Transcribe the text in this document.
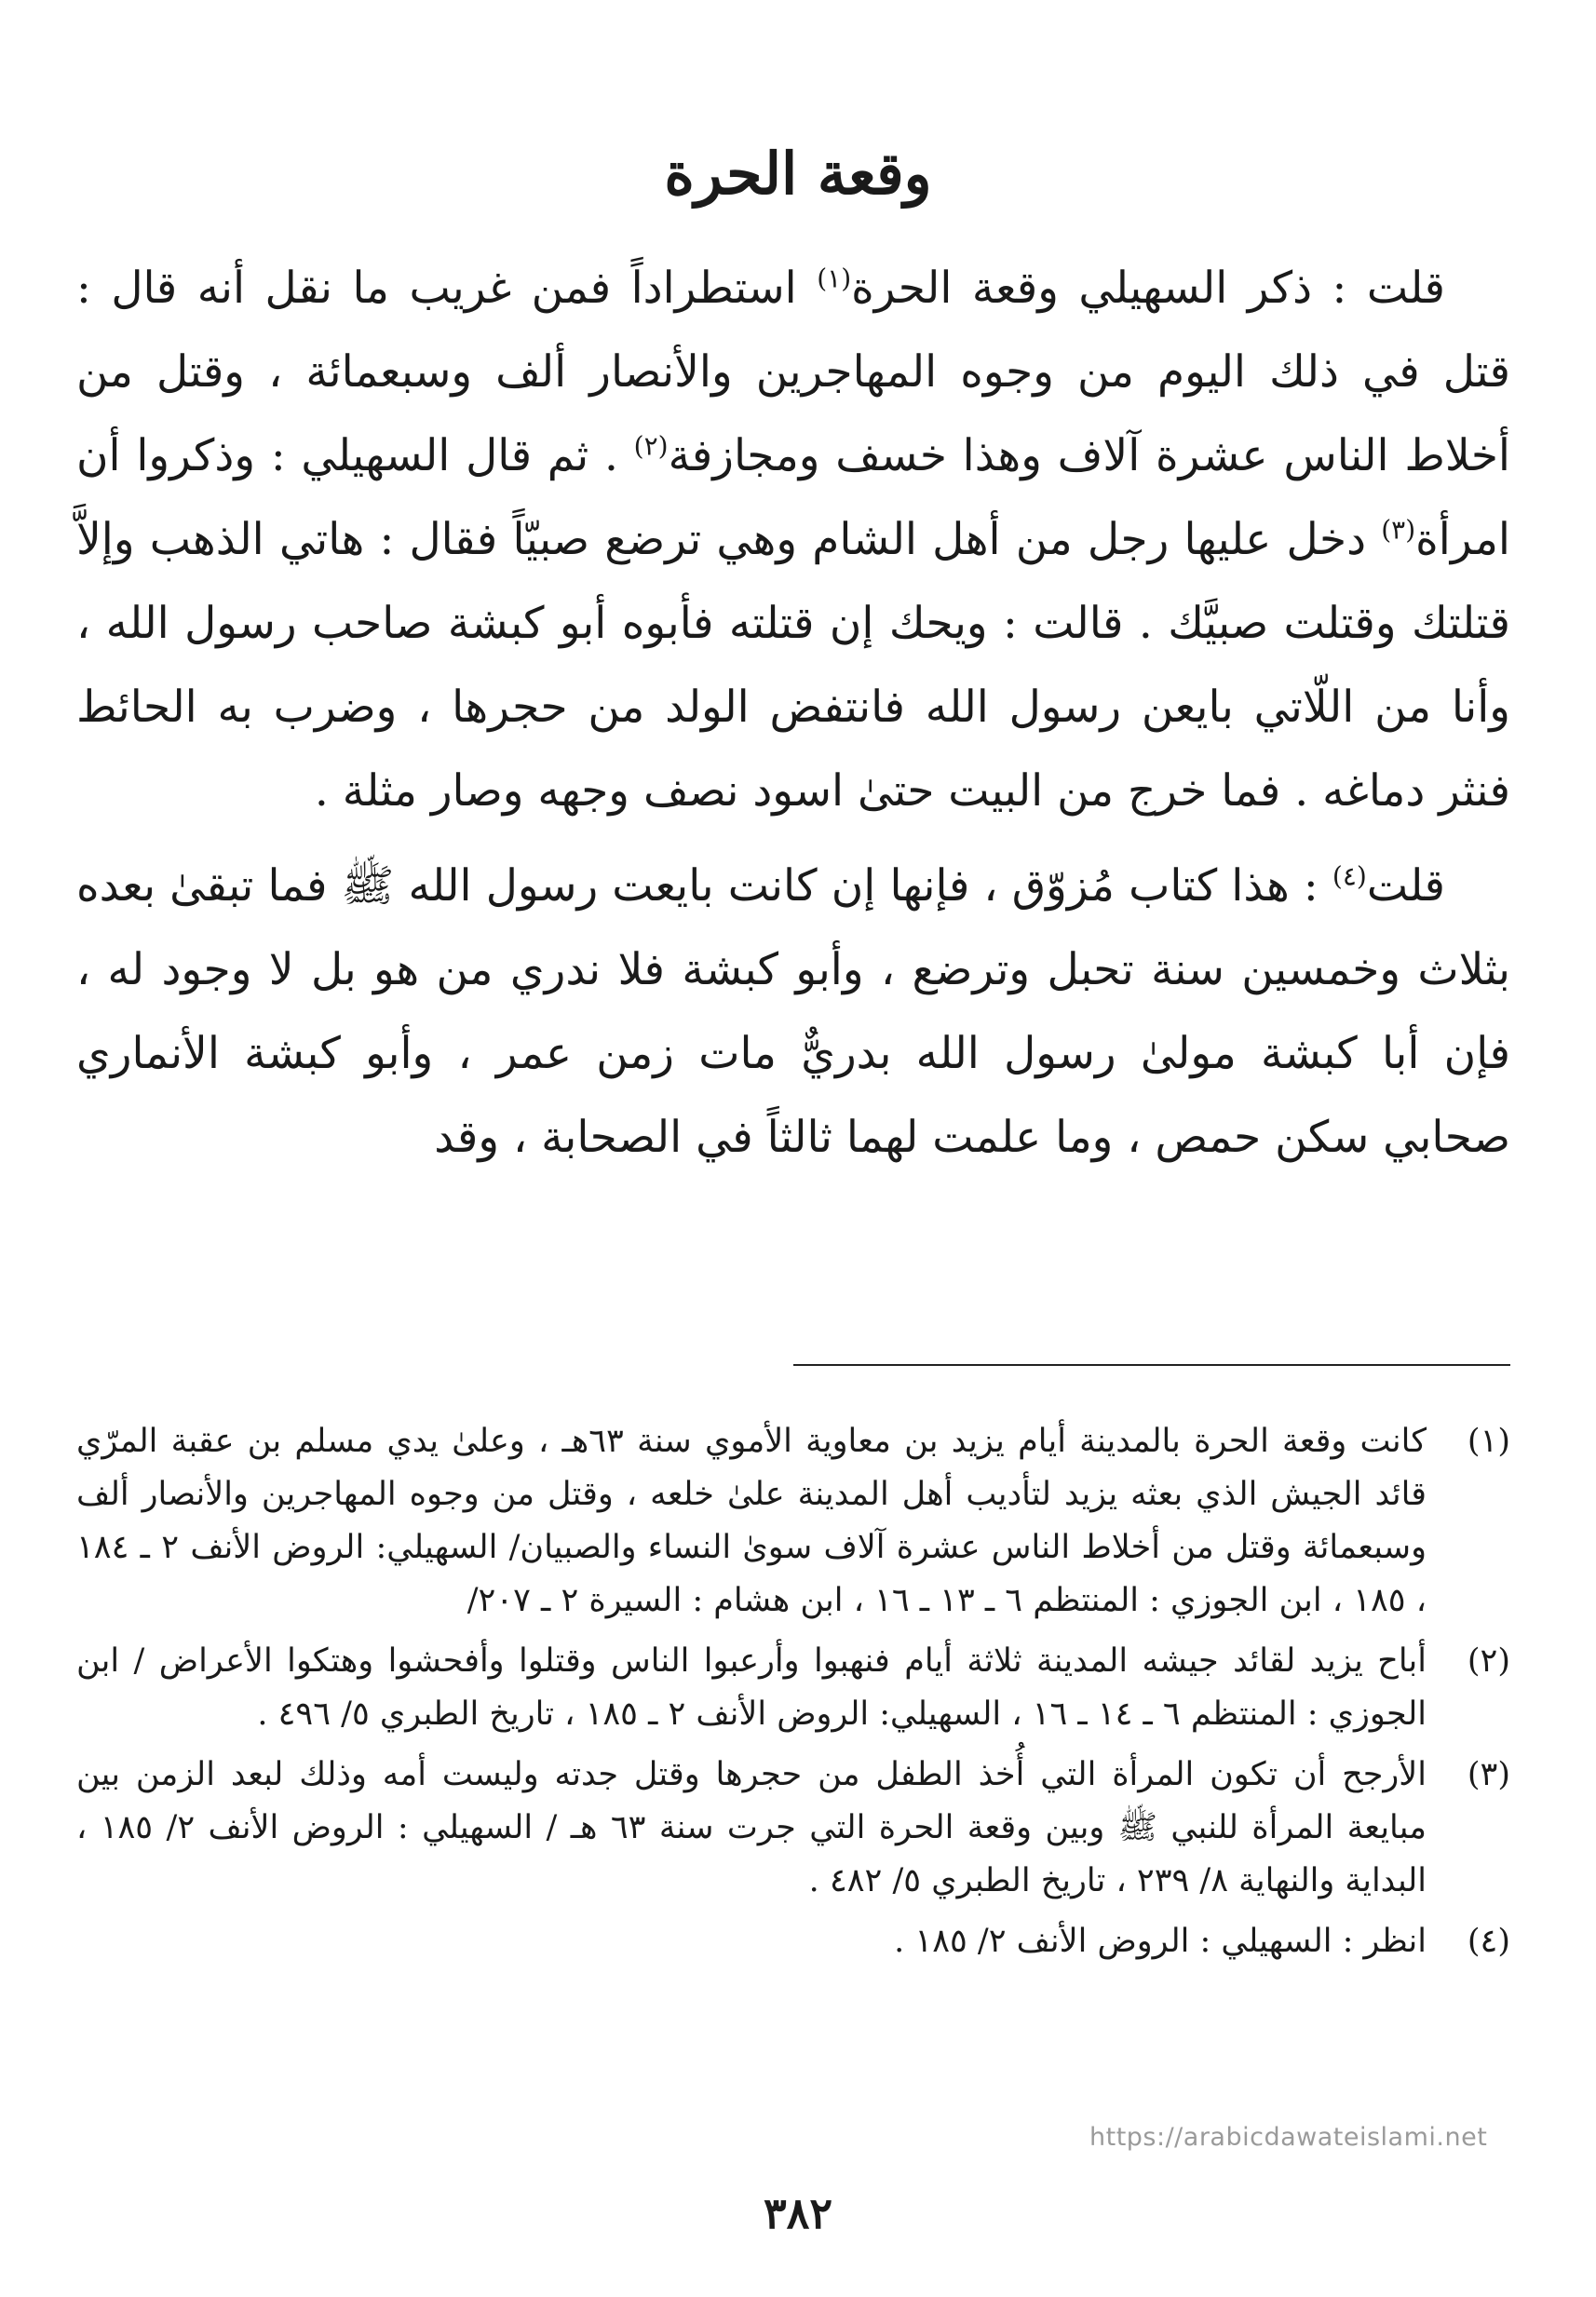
وقعة الحرة

قلت : ذكر السهيلي وقعة الحرة$^{(١)}$ استطراداً فمن غريب ما نقل أنه قال : قتل في ذلك اليوم من وجوه المهاجرين والأنصار ألف وسبعمائة ، وقتل من أخلاط الناس عشرة آلاف وهذا خسف ومجازفة$^{(٢)}$ . ثم قال السهيلي : وذكروا أن امرأة$^{(٣)}$ دخل عليها رجل من أهل الشام وهي ترضع صبيّاً فقال : هاتي الذهب وإلاَّ قتلتك وقتلت صبيَّك . قالت : ويحك إن قتلته فأبوه أبو كبشة صاحب رسول الله ، وأنا من اللّاتي بايعن رسول الله فانتفض الولد من حجرها ، وضرب به الحائط فنثر دماغه . فما خرج من البيت حتىٰ اسود نصف وجهه وصار مثلة .

قلت$^{(٤)}$ : هذا كتاب مُزوّق ، فإنها إن كانت بايعت رسول الله ﷺ فما تبقىٰ بعده بثلاث وخمسين سنة تحبل وترضع ، وأبو كبشة فلا ندري من هو بل لا وجود له ، فإن أبا كبشة مولىٰ رسول الله بدريٌّ مات زمن عمر ، وأبو كبشة الأنماري صحابي سكن حمص ، وما علمت لهما ثالثاً في الصحابة ، وقد

(١)
كانت وقعة الحرة بالمدينة أيام يزيد بن معاوية الأموي سنة ٦٣هـ ، وعلىٰ يدي مسلم بن عقبة المرّي قائد الجيش الذي بعثه يزيد لتأديب أهل المدينة علىٰ خلعه ، وقتل من وجوه المهاجرين والأنصار ألف وسبعمائة وقتل من أخلاط الناس عشرة آلاف سوىٰ النساء والصبيان/ السهيلي: الروض الأنف ٢ ـ ١٨٤ ، ١٨٥ ، ابن الجوزي : المنتظم ٦ ـ ١٣ ـ ١٦ ، ابن هشام : السيرة ٢ ـ ٢٠٧/
(٢)
أباح يزيد لقائد جيشه المدينة ثلاثة أيام فنهبوا وأرعبوا الناس وقتلوا وأفحشوا وهتكوا الأعراض / ابن الجوزي : المنتظم ٦ ـ ١٤ ـ ١٦ ، السهيلي: الروض الأنف ٢ ـ ١٨٥ ، تاريخ الطبري ٥/ ٤٩٦ .
(٣)
الأرجح أن تكون المرأة التي أُخذ الطفل من حجرها وقتل جدته وليست أمه وذلك لبعد الزمن بين مبايعة المرأة للنبي ﷺ وبين وقعة الحرة التي جرت سنة ٦٣ هـ / السهيلي : الروض الأنف ٢/ ١٨٥ ، البداية والنهاية ٨/ ٢٣٩ ، تاريخ الطبري ٥/ ٤٨٢ .
(٤)
انظر : السهيلي : الروض الأنف ٢/ ١٨٥ .
https://arabicdawateislami.net
٣٨٢
